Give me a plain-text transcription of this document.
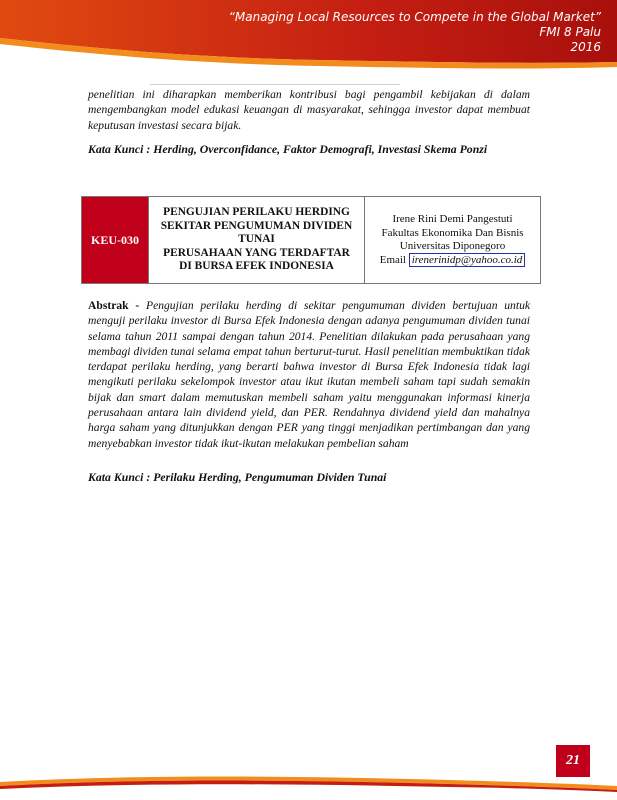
“Managing Local Resources to Compete in the Global Market”
FMI 8 Palu
2016
penelitian ini diharapkan memberikan kontribusi bagi pengambil kebijakan di dalam mengembangkan model edukasi keuangan di masyarakat, sehingga investor dapat membuat keputusan investasi secara bijak.
Kata Kunci : Herding, Overconfidance, Faktor Demografi, Investasi Skema Ponzi
KEU-030
PENGUJIAN PERILAKU HERDING
SEKITAR PENGUMUMAN DIVIDEN
TUNAI
PERUSAHAAN YANG TERDAFTAR
DI BURSA EFEK INDONESIA
Irene Rini Demi Pangestuti
Fakultas Ekonomika Dan Bisnis
Universitas Diponegoro
Email irenerinidp@yahoo.co.id
Abstrak - Pengujian perilaku herding di sekitar pengumuman dividen bertujuan untuk menguji perilaku investor di Bursa Efek Indonesia dengan adanya pengumuman dividen tunai selama tahun 2011 sampai dengan tahun 2014. Penelitian dilakukan pada perusahaan yang membagi dividen tunai selama empat tahun berturut-turut. Hasil penelitian membuktikan tidak terdapat perilaku herding, yang berarti bahwa investor di Bursa Efek Indonesia tidak lagi mengikuti perilaku sekelompok investor atau ikut ikutan membeli saham tapi sudah semakin bijak dan smart dalam memutuskan membeli saham yaitu menggunakan informasi kinerja perusahaan antara lain dividend yield, dan PER. Rendahnya dividend yield dan mahalnya harga saham yang ditunjukkan dengan PER yang tinggi menjadikan pertimbangan dan yang menyebabkan investor tidak ikut-ikutan melakukan pembelian saham
Kata Kunci : Perilaku Herding, Pengumuman Dividen Tunai
21
